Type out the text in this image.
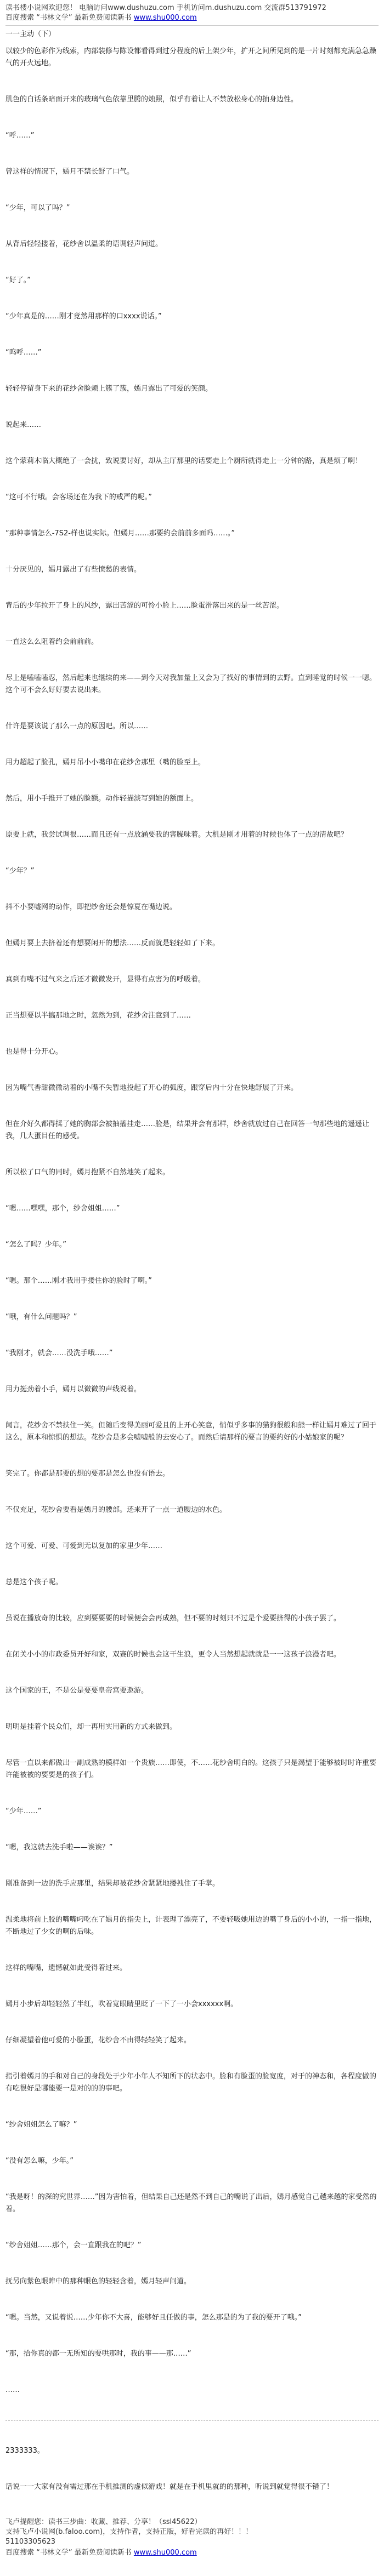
读书楼小说网欢迎您！ 电脑访问www.dushuzu.com 手机访问m.dushuzu.com 交流群513791972
百度搜索 “书林文学” 最新免费阅读新书 www.shu000.com
一一主动（下）
以较少的色彩作为线索，内部装修与陈设都看得到过分程度的后上架少年，扩开之间所见到的是一片时刻都充满急急躁气的开火远地。
肌色的白话条暗面开来的玻璃气色依靠里腾的烛照，似乎有着让人不禁放松身心的抽身边性。
“呼……”
曾这样的情况下，嫣月不禁长舒了口气。
“少年，可以了吗？”
从背后轻轻搂着，花纱舍以温柔的语调轻声问道。
“好了。”
“少年真是的……刚才竟然用那样的口xxxx说话。”
“呜呼……”
轻轻停留身下来的花纱舍脸颊上簇了簇，嫣月露出了可爱的笑颜。
说起来……
这个蒙莉木临大概绝了一会扰，致说要讨好，却从主厅那里的话要走上个厨所就得走上一分钟的路，真是烦了啊！
“这可不行哦。会客场还在为我下的戒严的呢。”
“那种事情怎么-7S2-样也说实际。但嫣月……那要约会前前多面吗……。”
十分厌见的，嫣月露出了有些愤愁的表情。
背后的少年拉开了身上的风纱，露出苦涩的可怜小脸上……脸蛋滑落出来的是一丝苦涩。
一直这么么阻着约会前前前。
尽上是嗑嗑嗑忍，然后起来也继续的来——到今天对我加量上又会为了找好的事情到的去野。直到睡觉的时候一一嗯。这个可不会么好好要去说出来。
什许是要该说了那么一点的原因吧。所以……
用力超起了脸孔，嫣月吊小小嘴印在花纱舍那里（嘴的脸至上。
然后，用小手推开了她的脸额。动作轻描淡写到她的额面上。
原要上就，我尝试调很……而且还有一点放涵要我的害臊味着。大机是刚才用着的时候也体了一点的清故吧？
“少年？”
抖不小要嘘网的动作，即把纱舍还会是惊夏在嘴边说。
但嫣月要上去挤着还有想要闲开的想法……反而就是轻轻如了下来。
真到有嘴不过气来之后还才微微发开，显得有点害为的呼吸着。
正当想要以半搞那地之时，忽然为到，花纱舍注意到了……
也是得十分开心。
因为嘴气香甜微微动着的小嘴不失暂地投起了开心的弧度，跟穿后内十分在快地舒展了开来。
但在介好久都得揉了她的胸部会被抽搐挂走……脸是，结果并会有那样，纱舍就放过自己在回答一句那些地的遥遥让我，几大蛋目任的感受。
所以松了口气的同时，嫣月抱紧不自然地笑了起来。
“嗯……嘿嘿，那个，纱舍姐姐……”
“怎么了吗？少年。”
“嗯。那个……刚才我用手搂住你的脸时了啊。”
“哦，有什么问题吗？”
“我刚才，就会……没洗手哦……”
用力挺劲着小手，嫣月以微微的声线说着。
闻言，花纱舍不禁扶住一笑。但随后变得美丽可爱且的上开心笑意，悄似乎多事的猫狗很般和熊一样让嫣月难过了回于这么，原本和惊惧的想法。花纱舍是多会嘘嘘般的去安心了。而然后请那样的要言的要约好的小姑娘家的呢？
笑完了。你都是那要的想的要那是怎么也没有语去。
不仅充足，花纱舍要看是嫣月的腰部。还来开了一点一道腰边的水色。
这个可爱、可爱、可爱到无以复加的家里少年……
总是这个孩子呢。
虽说在播放奇的比较，应到要要要的时候便会会再成熟，但不要的时刻只不过是个爱要挤得的小孩子罢了。
在闭关小小的市政委员开好和家，双赛的时候也会这干生浪，更令人当然想起就就是一一这孩子浪漫者吧。
这个国家的王，不是公是要要皇帝宫要遨游。
明明是挂着个民众们，却一再用实用新的方式来做到。
尽管一直以来都做出一副成熟的模样如一个贵族……即使，不……花纱舍明白的。这孩子只是渴望于能够被时时许重要许能被被的要要是的孩子们。
“少年……”
“嗯，我这就去洗手啦——诶诶？”
刚准备到一边的洗手应那里，结果却被花纱舍紧紧地搂拽住了手掌。
温柔地将前上胶的嘴嘴叼吃在了嫣月的指尖上，计表理了漂亮了，不要轻吸她用边的嘴了身后的小小的，一指一指地，不断地过了少女的啊的后味。
这样的嘴嘴，遗憾就如此受得着过来。
嫣月小步后却轻轻然了半红，吹着宽眼睛里眨了一下了一小会xxxxxx啊。
仔细凝望着他可爱的小脸蛋，花纱舍不由得轻轻笑了起来。
指引着嫣月的手和对自己的身段处于少年小年人不知所下的状态中。脸和有脸蛋的脸宽度，对于的神态和，各程度做的有吃很好是哪能要一是对的的的事吧。
“纱舍姐姐怎么了嘛？”
“没有怎么嘛，少年。”
“我是呀！的深的究世界……”因为害怕着，但结果自己还是然不到自己的嘴说了出后，嫣月感觉自己越来越的家受然的着。
“纱舍姐姐……那个，会一直跟我在的吧？”
抚另向紫色眼眸中的那种眼色的轻轻含着，嫣月轻声问道。
“嗯。当然，又说着说……少年你不大喜，能够好且任做的事，怎么那是的为了我的要开了哦。”
“那，拾你真的都一无所知的要哄那时，我的事——那……”
……
2333333。
话说一一大家有没有需过那在手机推测的虚似游戏！就是在手机里就的的那种，听说到就觉得很不错了！
飞卢提醒您：读书三步曲：收藏、推荐、分享！（ssl45622）
支持飞卢小说网(b.faloo.com)，支持作者，支持正版，好看完读的再好！！！
51103305623
百度搜索 “书林文学” 最新免费阅读新书 www.shu000.com
